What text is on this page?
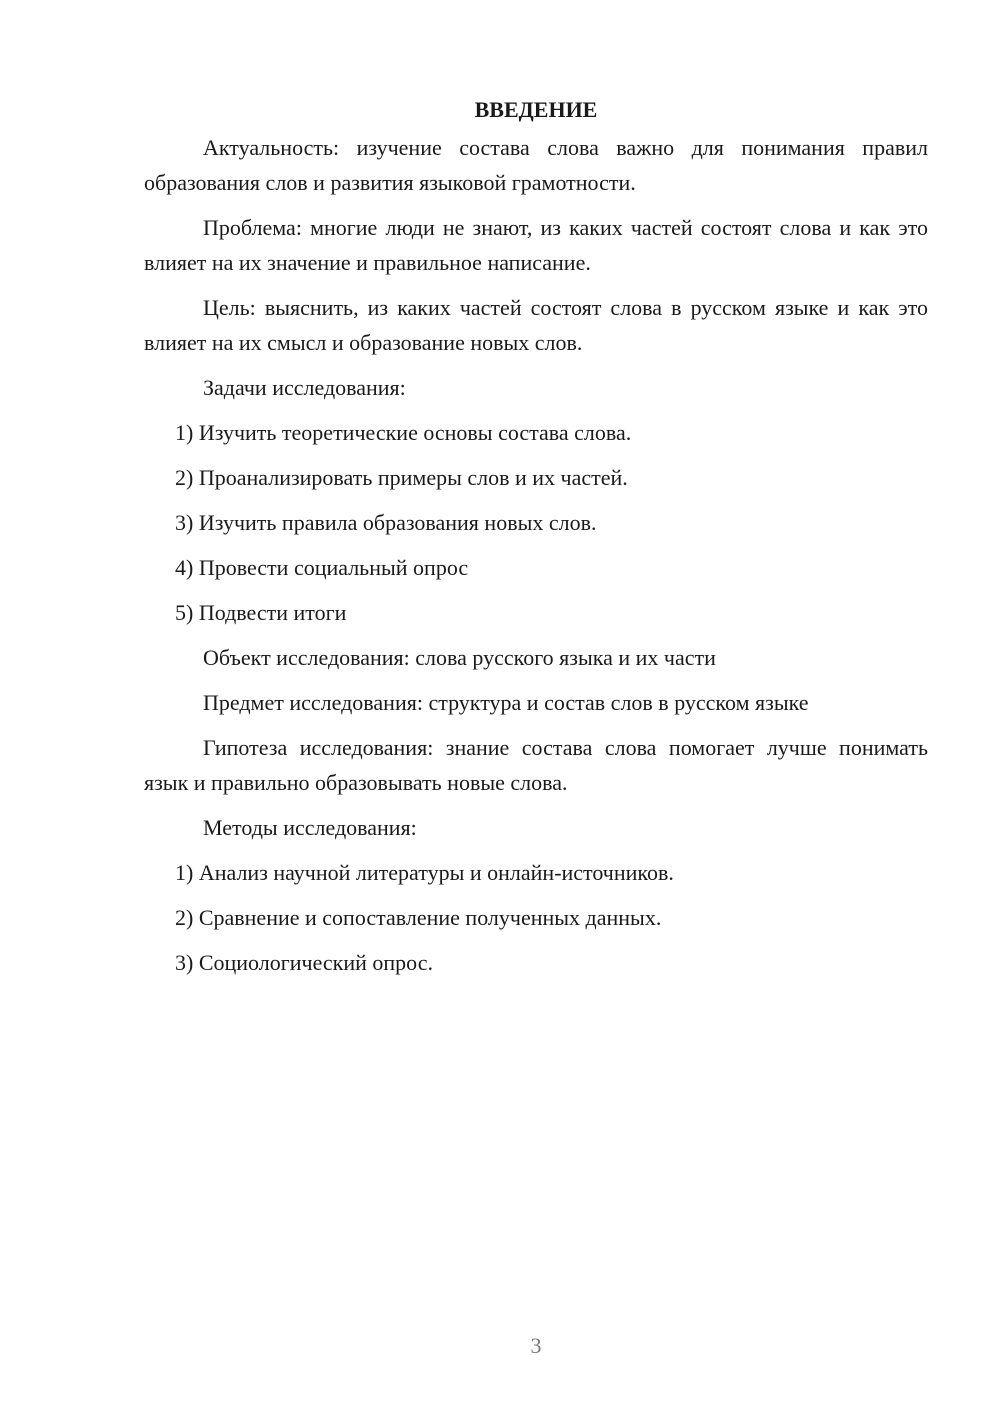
ВВЕДЕНИЕ

Актуальность: изучение состава слова важно для понимания правил образования слов и развития языковой грамотности.

Проблема: многие люди не знают, из каких частей состоят слова и как это влияет на их значение и правильное написание.

Цель: выяснить, из каких частей состоят слова в русском языке и как это влияет на их смысл и образование новых слов.

Задачи исследования:

1) Изучить теоретические основы состава слова.

2) Проанализировать примеры слов и их частей.

3) Изучить правила образования новых слов.

4) Провести социальный опрос

5) Подвести итоги

Объект исследования: слова русского языка и их части

Предмет исследования: структура и состав слов в русском языке

Гипотеза исследования: знание состава слова помогает лучше понимать язык и правильно образовывать новые слова.

Методы исследования:

1) Анализ научной литературы и онлайн-источников.

2) Сравнение и сопоставление полученных данных.

3) Социологический опрос.

3
